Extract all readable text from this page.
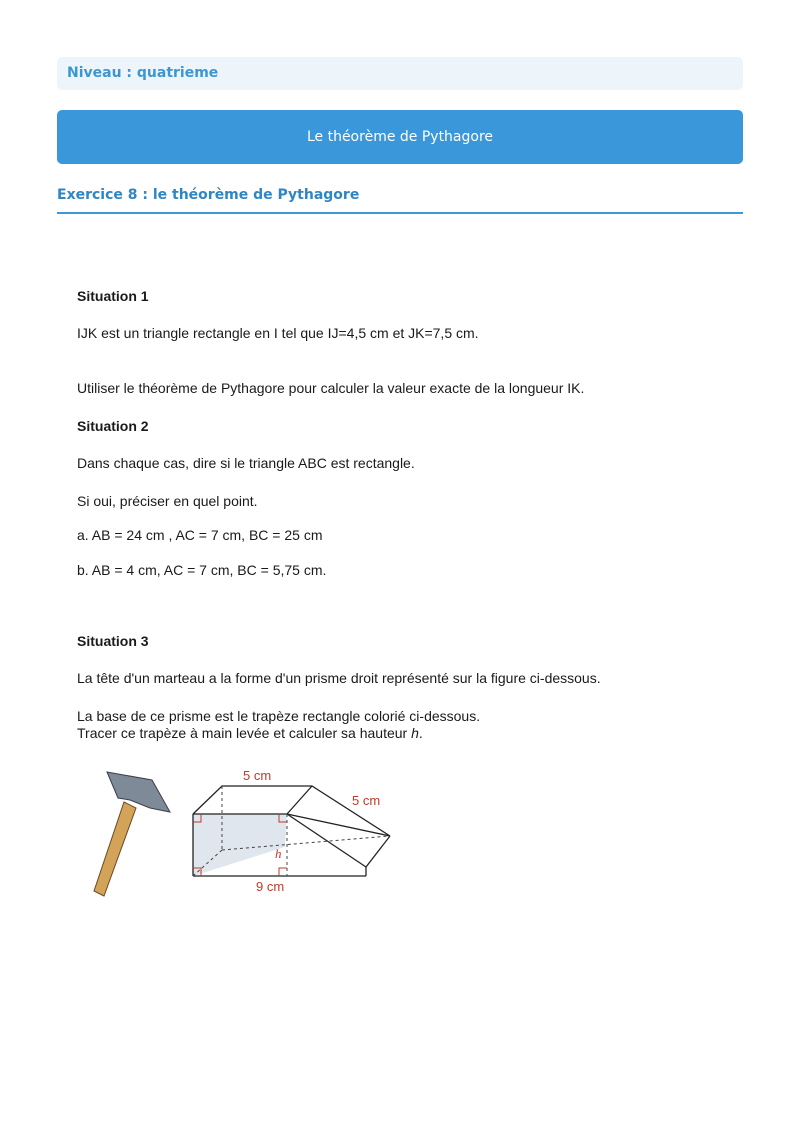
Niveau : quatrieme
Le théorème de Pythagore
Exercice 8 : le théorème de Pythagore
Situation 1
IJK est un triangle rectangle en I tel que IJ=4,5 cm et JK=7,5 cm.
Utiliser le théorème de Pythagore pour calculer la valeur exacte de la longueur IK.
Situation 2
Dans chaque cas, dire si le triangle ABC est rectangle.
Si oui, préciser en quel point.
a. AB = 24 cm , AC = 7 cm, BC = 25 cm
b. AB = 4 cm, AC = 7 cm, BC = 5,75 cm.
Situation 3
La tête d'un marteau a la forme d'un prisme droit représenté sur la figure ci-dessous.
La base de ce prisme est le trapèze rectangle colorié ci-dessous.
Tracer ce trapèze à main levée et calculer sa hauteur h.
5 cm
5 cm
9 cm
h
